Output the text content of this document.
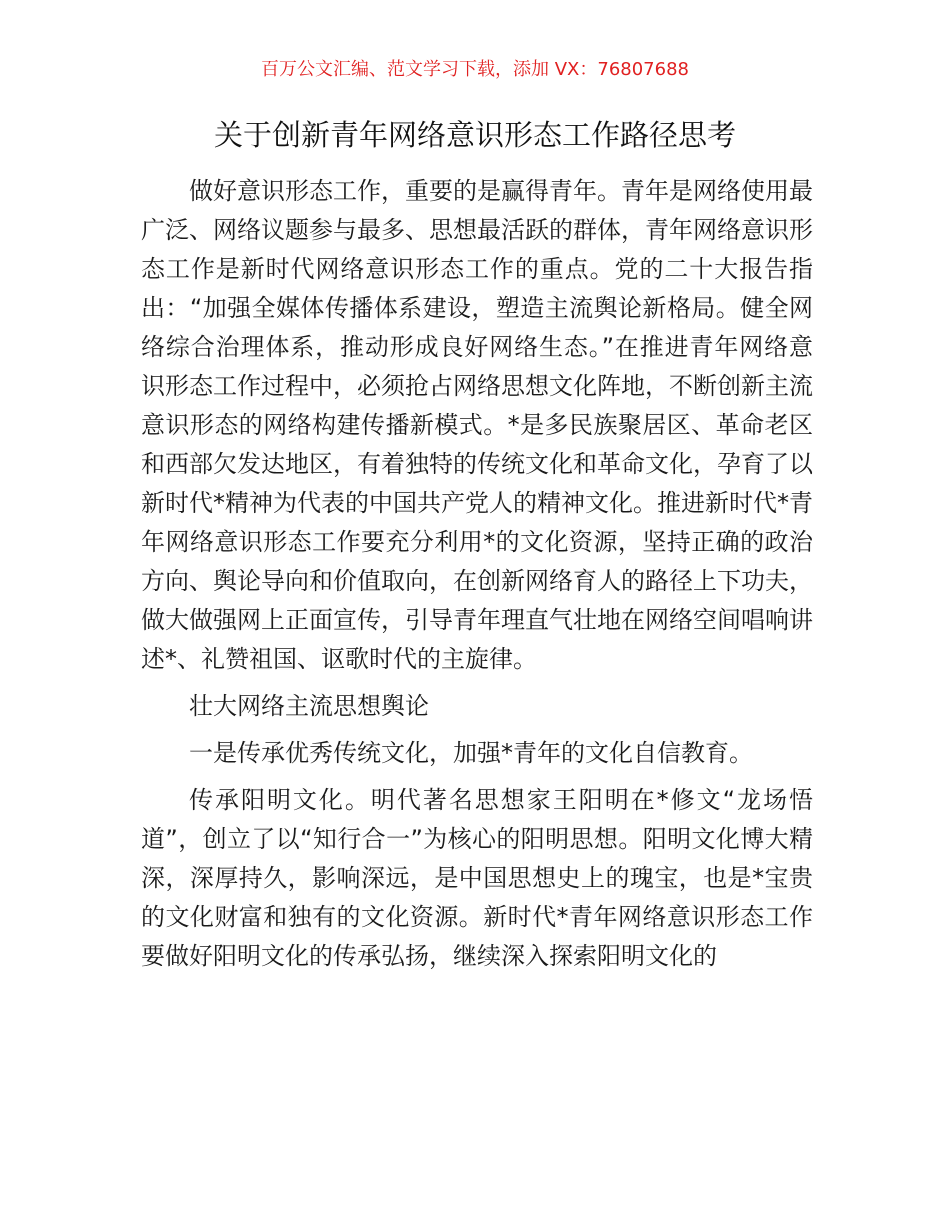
百万公文汇编、范文学习下载，添加 VX：76807688
关于创新青年网络意识形态工作路径思考

做好意识形态工作，重要的是赢得青年。青年是网络使用最广泛、网络议题参与最多、思想最活跃的群体，青年网络意识形态工作是新时代网络意识形态工作的重点。党的二十大报告指出：“加强全媒体传播体系建设，塑造主流舆论新格局。健全网络综合治理体系，推动形成良好网络生态。”在推进青年网络意识形态工作过程中，必须抢占网络思想文化阵地，不断创新主流意识形态的网络构建传播新模式。*是多民族聚居区、革命老区和西部欠发达地区，有着独特的传统文化和革命文化，孕育了以新时代*精神为代表的中国共产党人的精神文化。推进新时代*青年网络意识形态工作要充分利用*的文化资源，坚持正确的政治方向、舆论导向和价值取向，在创新网络育人的路径上下功夫，做大做强网上正面宣传，引导青年理直气壮地在网络空间唱响讲述*、礼赞祖国、讴歌时代的主旋律。

壮大网络主流思想舆论

一是传承优秀传统文化，加强*青年的文化自信教育。

传承阳明文化。明代著名思想家王阳明在*修文“龙场悟道”，创立了以“知行合一”为核心的阳明思想。阳明文化博大精深，深厚持久，影响深远，是中国思想史上的瑰宝，也是*宝贵的文化财富和独有的文化资源。新时代*青年网络意识形态工作要做好阳明文化的传承弘扬，继续深入探索阳明文化的
